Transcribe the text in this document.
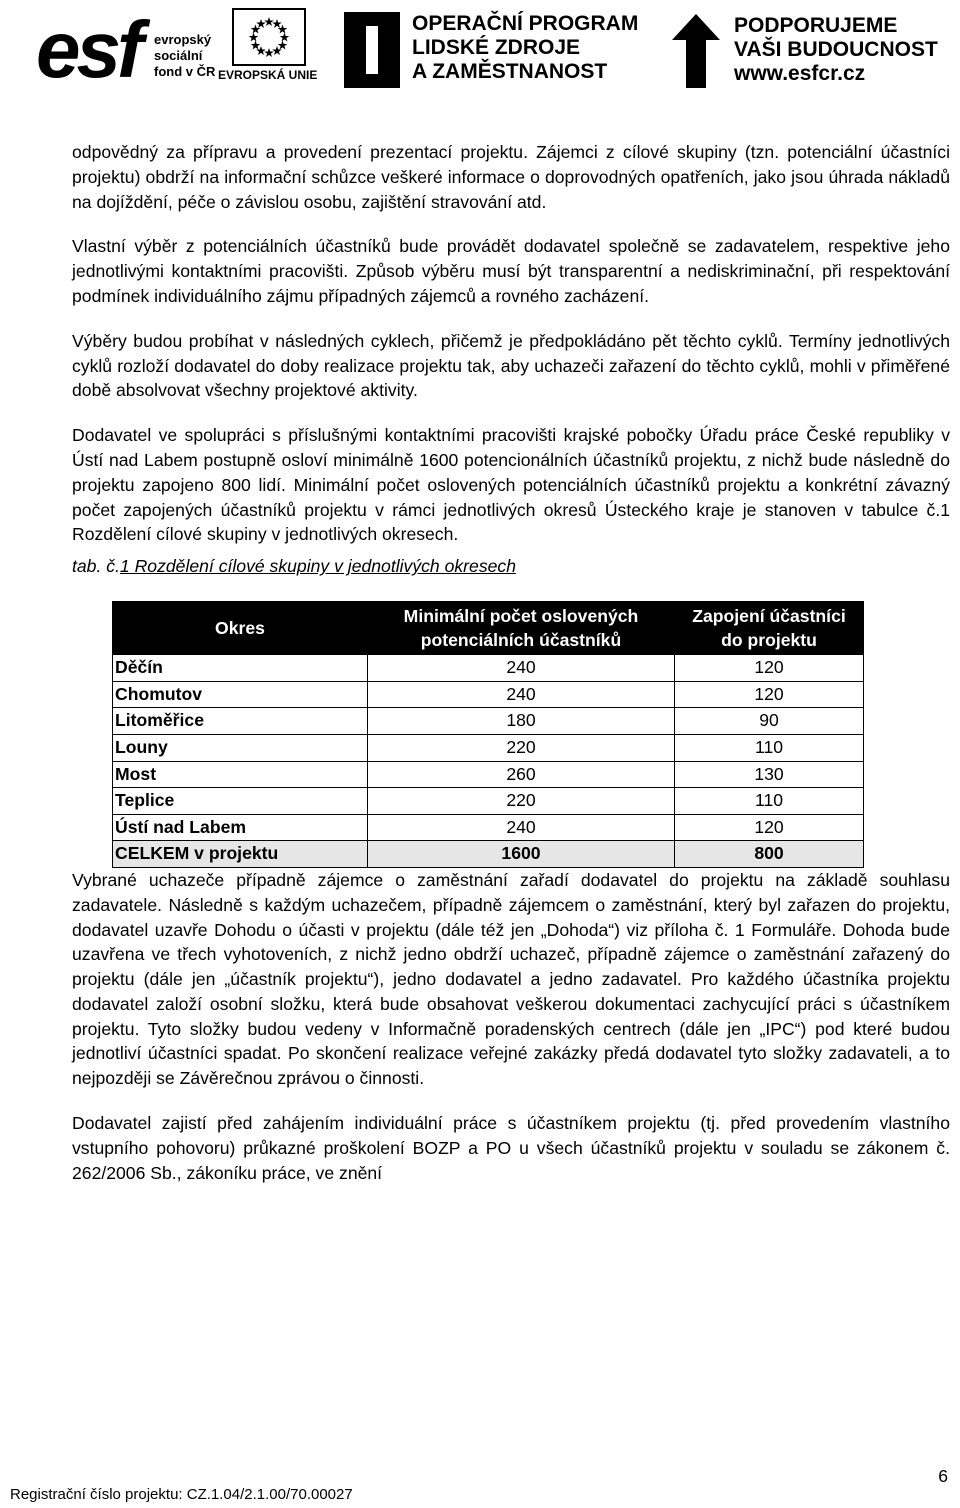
esf evropský
sociální
fond v ČR EVROPSKÁ UNIE
OPERAČNÍ PROGRAM
LIDSKÉ ZDROJE
A ZAMĚSTNANOST
PODPORUJEME
VAŠI BUDOUCNOST
www.esfcr.cz

odpovědný za přípravu a provedení prezentací projektu. Zájemci z cílové skupiny (tzn. potenciální účastníci projektu) obdrží na informační schůzce veškeré informace o doprovodných opatřeních, jako jsou úhrada nákladů na dojíždění, péče o závislou osobu, zajištění stravování atd.

Vlastní výběr z potenciálních účastníků bude provádět dodavatel společně se zadavatelem, respektive jeho jednotlivými kontaktními pracovišti. Způsob výběru musí být transparentní a nediskriminační, při respektování podmínek individuálního zájmu případných zájemců a rovného zacházení.

Výběry budou probíhat v následných cyklech, přičemž je předpokládáno pět těchto cyklů. Termíny jednotlivých cyklů rozloží dodavatel do doby realizace projektu tak, aby uchazeči zařazení do těchto cyklů, mohli v přiměřené době absolvovat všechny projektové aktivity.

Dodavatel ve spolupráci s příslušnými kontaktními pracovišti krajské pobočky Úřadu práce České republiky v Ústí nad Labem postupně osloví minimálně 1600 potencionálních účastníků projektu, z nichž bude následně do projektu zapojeno 800 lidí. Minimální počet oslovených potenciálních účastníků projektu a konkrétní závazný počet zapojených účastníků projektu v rámci jednotlivých okresů Ústeckého kraje je stanoven v tabulce č.1 Rozdělení cílové skupiny v jednotlivých okresech.

tab. č.1 Rozdělení cílové skupiny v jednotlivých okresech
Okres	Minimální počet oslovených potenciálních účastníků	Zapojení účastníci do projektu
Děčín	240	120
Chomutov	240	120
Litoměřice	180	90
Louny	220	110
Most	260	130
Teplice	220	110
Ústí nad Labem	240	120
CELKEM v projektu	1600	800

Vybrané uchazeče případně zájemce o zaměstnání zařadí dodavatel do projektu na základě souhlasu zadavatele. Následně s každým uchazečem, případně zájemcem o zaměstnání, který byl zařazen do projektu, dodavatel uzavře Dohodu o účasti v projektu (dále též jen „Dohoda“) viz příloha č. 1 Formuláře. Dohoda bude uzavřena ve třech vyhotoveních, z nichž jedno obdrží uchazeč, případně zájemce o zaměstnání zařazený do projektu (dále jen „účastník projektu“), jedno dodavatel a jedno zadavatel. Pro každého účastníka projektu dodavatel založí osobní složku, která bude obsahovat veškerou dokumentaci zachycující práci s účastníkem projektu. Tyto složky budou vedeny v Informačně poradenských centrech (dále jen „IPC“) pod které budou jednotliví účastníci spadat. Po skončení realizace veřejné zakázky předá dodavatel tyto složky zadavateli, a to nejpozději se Závěrečnou zprávou o činnosti.

Dodavatel zajistí před zahájením individuální práce s účastníkem projektu (tj. před provedením vlastního vstupního pohovoru) průkazné proškolení BOZP a PO u všech účastníků projektu v souladu se zákonem č. 262/2006 Sb., zákoníku práce, ve znění

6
Registrační číslo projektu: CZ.1.04/2.1.00/70.00027
